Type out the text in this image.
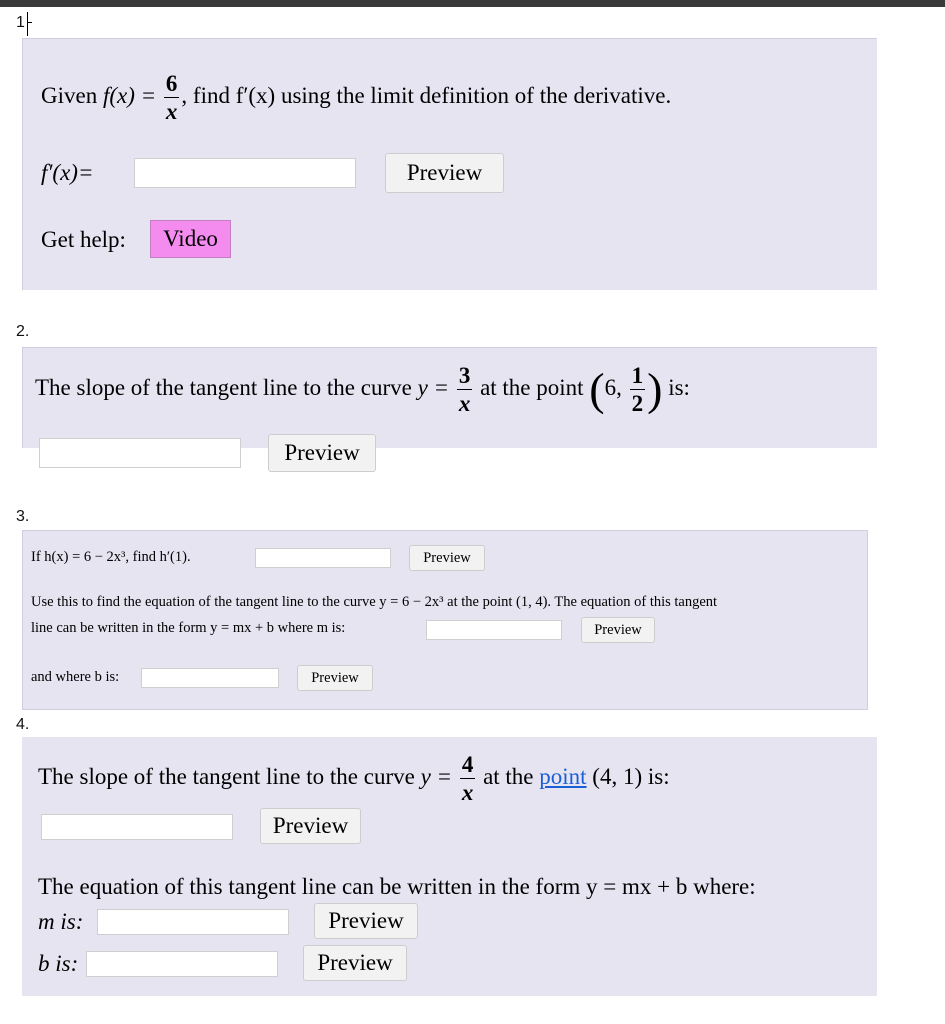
1
Given $f(x) = \frac{6}{x}$ , find f′(x) using the limit definition of the derivative.
f′(x)=	Preview
Get help:	Video
2.
The slope of the tangent line to the curve $y = \frac{3}{x}$ at the point (6, $\frac{1}{2}$ ) is:
Preview
3.
If h(x) = 6 − 2x³, find h′(1).	Preview
Use this to find the equation of the tangent line to the curve y = 6 − 2x³ at the point (1, 4). The equation of this tangent
line can be written in the form y = mx + b where m is:	Preview
and where b is:	Preview
4.
The slope of the tangent line to the curve $y = \frac{4}{x}$ at the point (4, 1) is:
Preview
The equation of this tangent line can be written in the form y = mx + b where:
m is:	Preview
b is:	Preview
